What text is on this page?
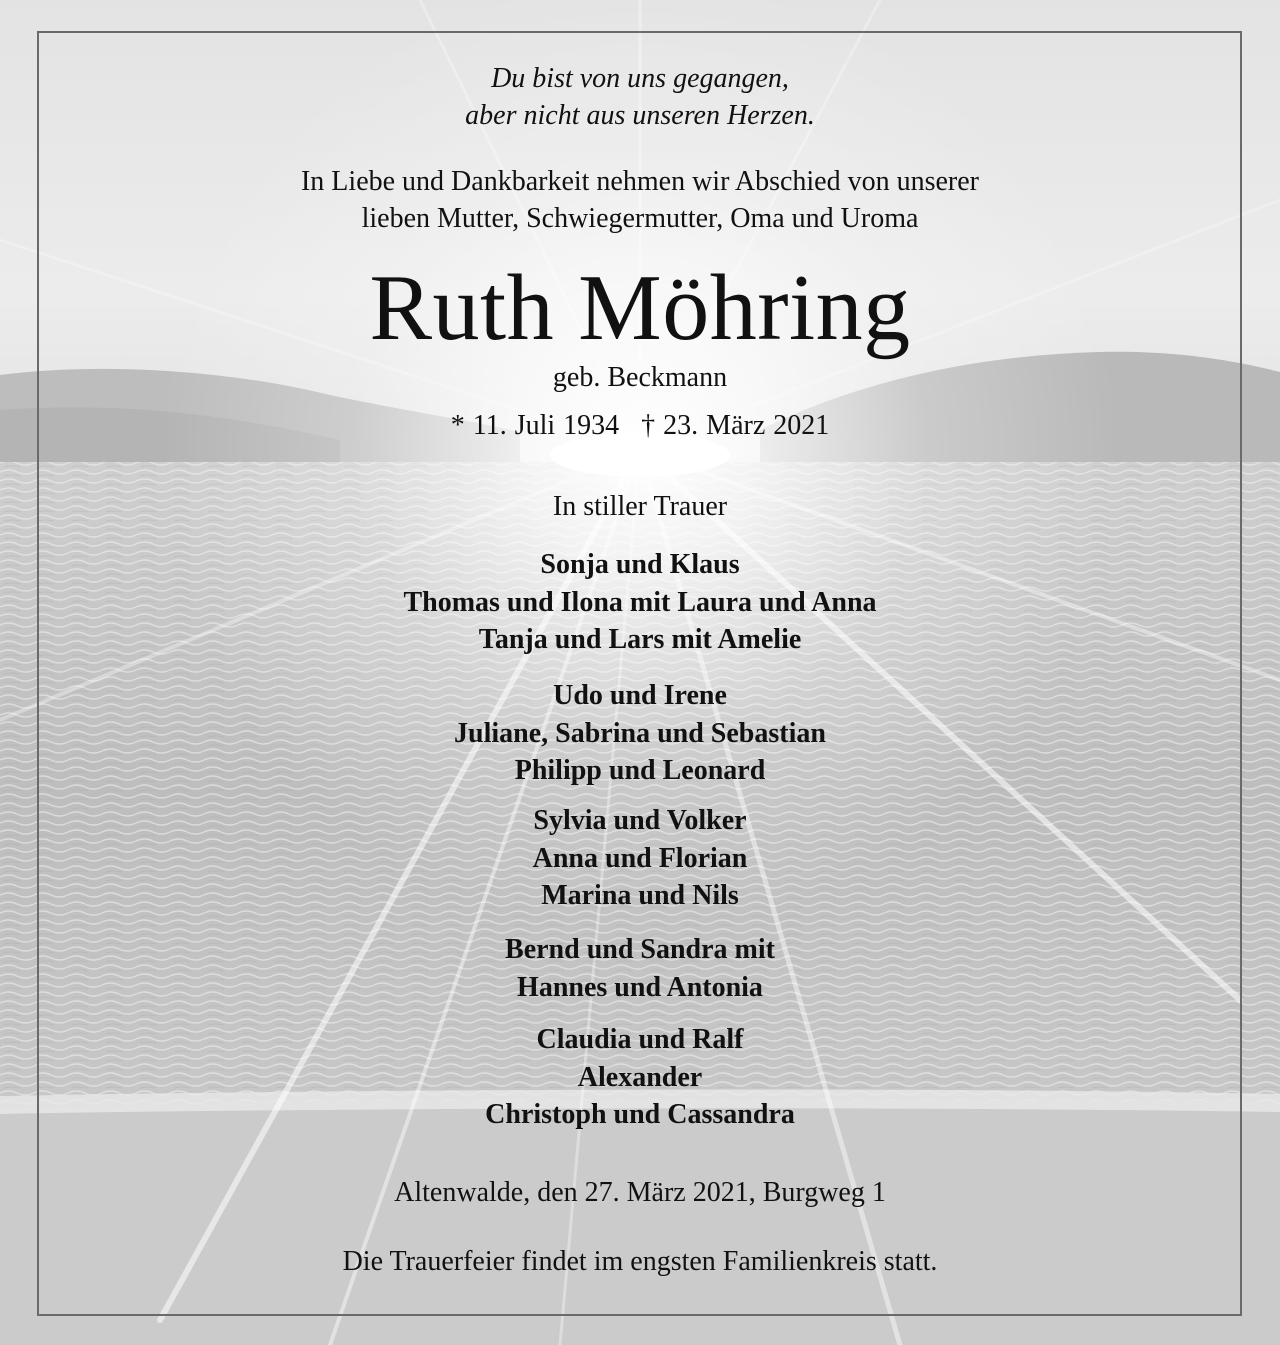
Du bist von uns gegangen,
aber nicht aus unseren Herzen.
In Liebe und Dankbarkeit nehmen wir Abschied von unserer
lieben Mutter, Schwiegermutter, Oma und Uroma
Ruth Möhring
geb. Beckmann
* 11. Juli 1934 † 23. März 2021
In stiller Trauer
Sonja und Klaus
Thomas und Ilona mit Laura und Anna
Tanja und Lars mit Amelie
Udo und Irene
Juliane, Sabrina und Sebastian
Philipp und Leonard
Sylvia und Volker
Anna und Florian
Marina und Nils
Bernd und Sandra mit
Hannes und Antonia
Claudia und Ralf
Alexander
Christoph und Cassandra
Altenwalde, den 27. März 2021, Burgweg 1
Die Trauerfeier findet im engsten Familienkreis statt.
